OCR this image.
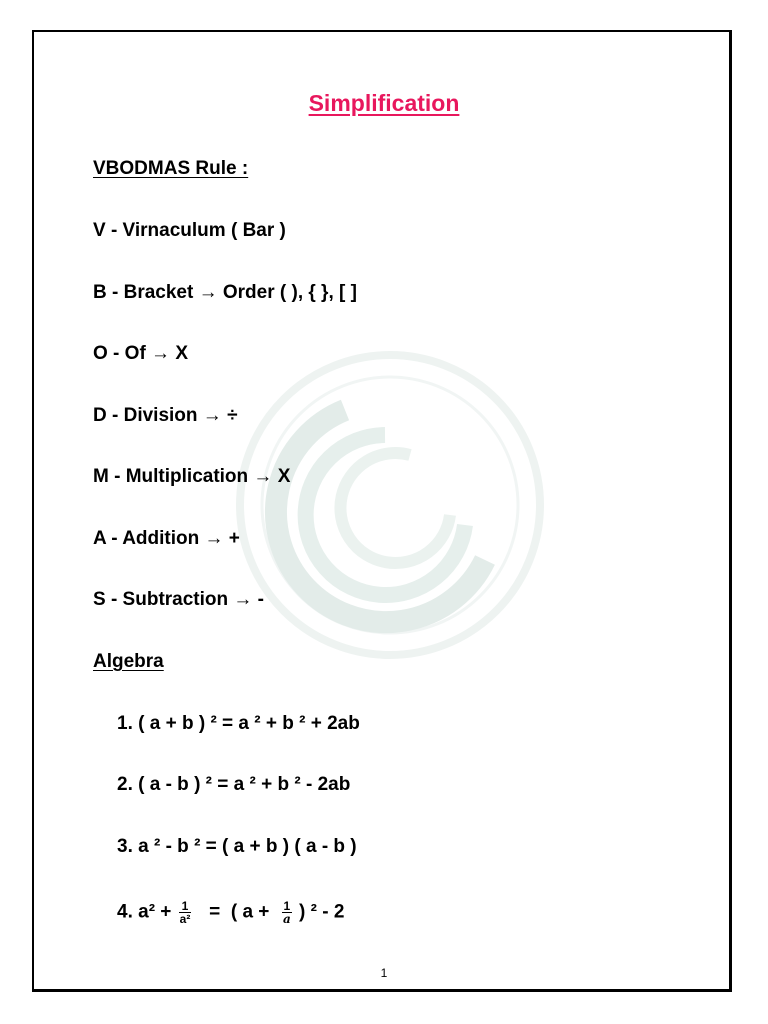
Simplification
VBODMAS Rule :
V - Virnaculum ( Bar )
B - Bracket → Order ( ), { }, [ ]
O - Of → X
D - Division → ÷
M - Multiplication → X
A - Addition → +
S - Subtraction → -
Algebra
1. ( a + b ) ² = a ² + b ² + 2ab
2. ( a - b ) ² = a ² + b ² - 2ab
3. a ² - b ² = ( a + b ) ( a - b )
4. $a^2 + \frac{1}{\text{a²}}$ =  ( $a + \frac{1}{a}$ ) ² - 2
1
